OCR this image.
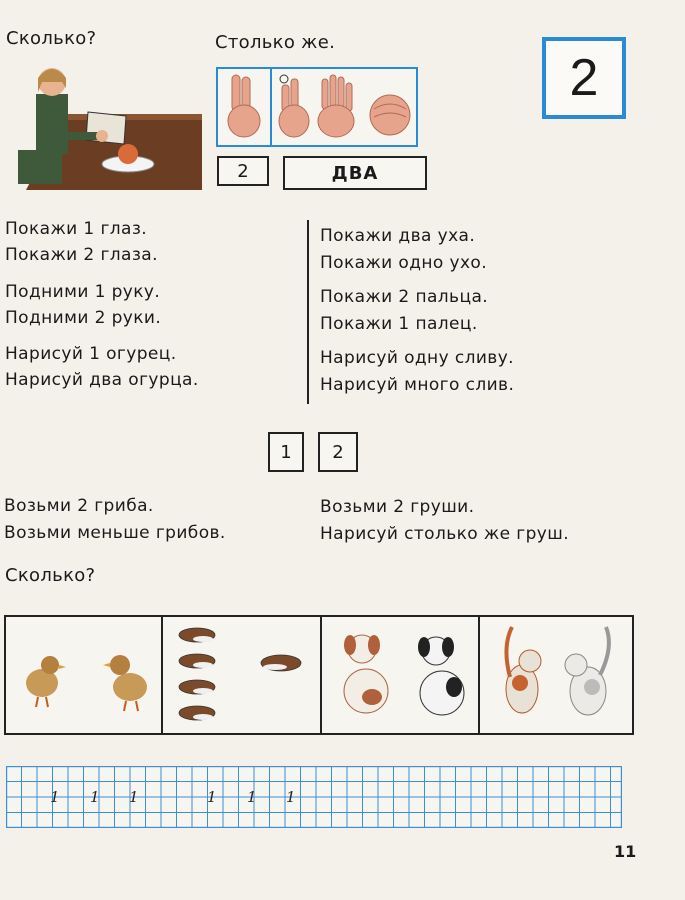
Сколько?	Столько же.
2	ДВА
2
Покажи 1 глаз.
Покажи 2 глаза.
Подними 1 руку.
Подними 2 руки.
Нарисуй 1 огурец.
Нарисуй два огурца.
Покажи два уха.
Покажи одно ухо.
Покажи 2 пальца.
Покажи 1 палец.
Нарисуй одну сливу.
Нарисуй много слив.
1	2
Возьми 2 гриба.
Возьми меньше грибов.
Возьми 2 груши.
Нарисуй столько же груш.
Сколько?
1 1 1	1 1 1
11
